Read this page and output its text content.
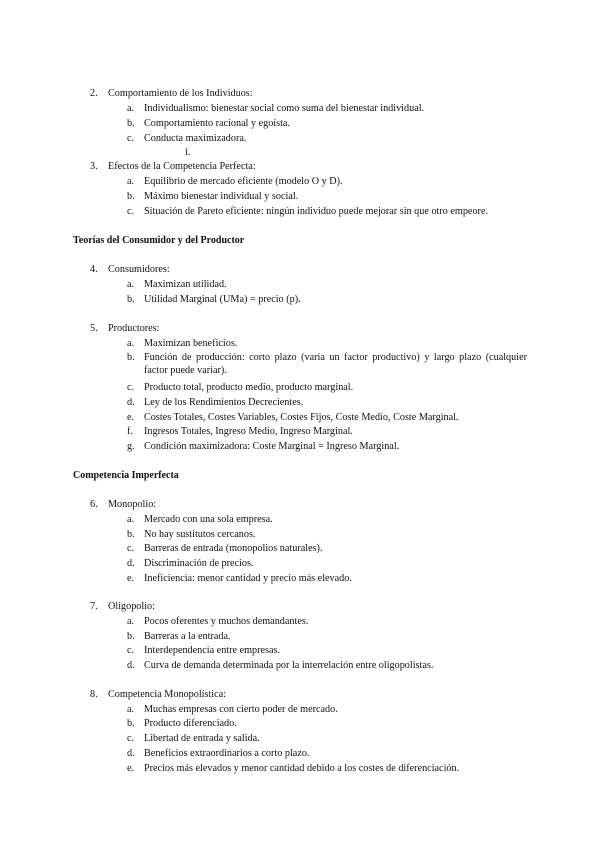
2. Comportamiento de los Individuos:
a. Individualismo: bienestar social como suma del bienestar individual.
b. Comportamiento racional y egoísta.
c. Conducta maximizadora.
i.
3. Efectos de la Competencia Perfecta:
a. Equilibrio de mercado eficiente (modelo O y D).
b. Máximo bienestar individual y social.
c. Situación de Pareto eficiente: ningún individuo puede mejorar sin que otro empeore.
Teorías del Consumidor y del Productor
4. Consumidores:
a. Maximizan utilidad.
b. Utilidad Marginal (UMa) = precio (p).
5. Productores:
a. Maximizan beneficios.
b. Función de producción: corto plazo (varía un factor productivo) y largo plazo (cualquier factor puede variar).
c. Producto total, producto medio, producto marginal.
d. Ley de los Rendimientos Decrecientes.
e. Costes Totales, Costes Variables, Costes Fijos, Coste Medio, Coste Marginal.
f. Ingresos Totales, Ingreso Medio, Ingreso Marginal.
g. Condición maximizadora: Coste Marginal = Ingreso Marginal.
Competencia Imperfecta
6. Monopolio:
a. Mercado con una sola empresa.
b. No hay sustitutos cercanos.
c. Barreras de entrada (monopolios naturales).
d. Discriminación de precios.
e. Ineficiencia: menor cantidad y precio más elevado.
7. Oligopolio:
a. Pocos oferentes y muchos demandantes.
b. Barreras a la entrada.
c. Interdependencia entre empresas.
d. Curva de demanda determinada por la interrelación entre oligopolistas.
8. Competencia Monopolística:
a. Muchas empresas con cierto poder de mercado.
b. Producto diferenciado.
c. Libertad de entrada y salida.
d. Beneficios extraordinarios a corto plazo.
e. Precios más elevados y menor cantidad debido a los costes de diferenciación.
